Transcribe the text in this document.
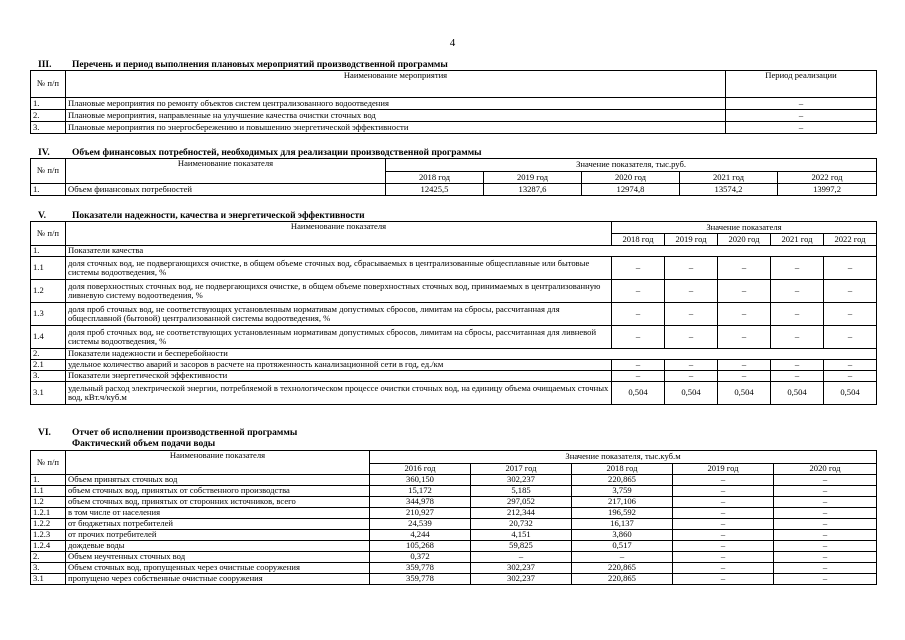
4
III. Перечень и период выполнения плановых мероприятий производственной программы
№ п/п	Наименование мероприятия	Период реализации
1.	Плановые мероприятия по ремонту объектов систем централизованного водоотведения	–
2.	Плановые мероприятия, направленные на улучшение качества очистки сточных вод	–
3.	Плановые мероприятия по энергосбережению и повышению энергетической эффективности	–
IV. Объем финансовых потребностей, необходимых для реализации производственной программы
№ п/п	Наименование показателя	Значение показателя, тыс.руб.				
		2018 год	2019 год	2020 год	2021 год	2022 год
1.	Объем финансовых потребностей	12425,5	13287,6	12974,8	13574,2	13997,2
V.	Показатели надежности, качества и энергетической эффективности
№ п/п	Наименование показателя	Значение показателя				
		2018 год	2019 год	2020 год	2021 год	2022 год
1.	Показатели качества					
1.1	доля сточных вод, не подвергающихся очистке, в общем объеме сточных вод, сбрасываемых в централизованные общесплавные или бытовые системы водоотведения, %	–	–	–	–	–
1.2	доля поверхностных сточных вод, не подвергающихся очистке, в общем объеме поверхностных сточных вод, принимаемых в централизованную ливневую систему водоотведения, %	–	–	–	–	–
1.3	доля проб сточных вод, не соответствующих установленным нормативам допустимых сбросов, лимитам на сбросы, рассчитанная для общесплавной (бытовой) централизованной системы водоотведения, %	–	–	–	–	–
1.4	доля проб сточных вод, не соответствующих установленным нормативам допустимых сбросов, лимитам на сбросы, рассчитанная для ливневой системы водоотведения, %	–	–	–	–	–
2.	Показатели надежности и бесперебойности					
2.1	удельное количество аварий и засоров в расчете на протяженность канализационной сети в год, ед./км	–	–	–	–	–
3.	Показатели энергетической эффективности	–	–	–	–	–
3.1	удельный расход электрической энергии, потребляемой в технологическом процессе очистки сточных вод, на единицу объема очищаемых сточных вод, кВт.ч/куб.м	0,504	0,504	0,504	0,504	0,504
VI. Отчет об исполнении производственной программы
Фактический объем подачи воды
№ п/п	Наименование показателя	Значение показателя, тыс.куб.м				
		2016 год	2017 год	2018 год	2019 год	2020 год
1.	Объем принятых сточных вод	360,150	302,237	220,865	–	–
1.1	объем сточных вод, принятых от собственного производства	15,172	5,185	3,759	–	–
1.2	объем сточных вод, принятых от сторонних источников, всего	344,978	297,052	217,106	–	–
1.2.1	в том числе от населения	210,927	212,344	196,592	–	–
1.2.2	от бюджетных потребителей	24,539	20,732	16,137	–	–
1.2.3	от прочих потребителей	4,244	4,151	3,860	–	–
1.2.4	дождевые воды	105,268	59,825	0,517	–	–
2.	Объем неучтенных сточных вод	0,372	–	–	–	–
3.	Объем сточных вод, пропущенных через очистные сооружения	359,778	302,237	220,865	–	–
3.1	пропущено через собственные очистные сооружения	359,778	302,237	220,865	–	–
